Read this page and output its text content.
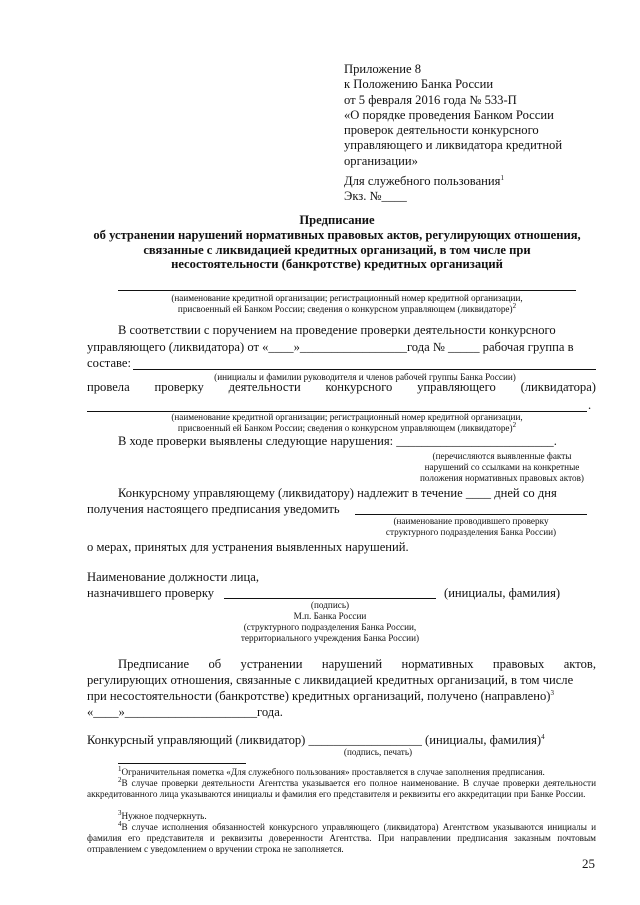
Приложение 8
к Положению Банка России
от 5 февраля 2016 года № 533-П
«О порядке проведения Банком России
проверок деятельности конкурсного
управляющего и ликвидатора кредитной
организации»
Для служебного пользования$^1$
Экз. №____
Предписание
об устранении нарушений нормативных правовых актов, регулирующих отношения,
связанные с ликвидацией кредитных организаций, в том числе при
несостоятельности (банкротстве) кредитных организаций
(наименование кредитной организации; регистрационный номер кредитной организации,
присвоенный ей Банком России; сведения о конкурсном управляющем (ликвидаторе)$^2$
В соответствии с поручением на проведение проверки деятельности конкурсного
управляющего (ликвидатора) от «____»_________________года № _____ рабочая группа в
составе:
(инициалы и фамилии руководителя и членов рабочей группы Банка России)
провела проверку деятельности конкурсного управляющего (ликвидатора)
.
(наименование кредитной организации; регистрационный номер кредитной организации,
присвоенный ей Банком России; сведения о конкурсном управляющем (ликвидаторе)$^2$
В ходе проверки выявлены следующие нарушения: _________________________.
(перечисляются выявленные факты
нарушений со ссылками на конкретные
положения нормативных правовых актов)
Конкурсному управляющему (ликвидатору) надлежит в течение ____ дней со дня
получения настоящего предписания уведомить
(наименование проводившего проверку
структурного подразделения Банка России)
о мерах, принятых для устранения выявленных нарушений.
Наименование должности лица,
назначившего проверку	(инициалы, фамилия)
(подпись)
М.п. Банка России
(структурного подразделения Банка России,
территориального учреждения Банка России)
Предписание об устранении нарушений нормативных правовых актов,
регулирующих отношения, связанные с ликвидацией кредитных организаций, в том числе
при несостоятельности (банкротстве) кредитных организаций, получено (направлено)$^3$
«____»_____________________года.
Конкурсный управляющий (ликвидатор) __________________ (инициалы, фамилия)$^4$
(подпись, печать)
$^1$Ограничительная пометка «Для служебного пользования» проставляется в случае заполнения предписания.
$^2$В случае проверки деятельности Агентства указывается его полное наименование. В случае проверки деятельности аккредитованного лица указываются инициалы и фамилия его представителя и реквизиты его аккредитации при Банке России.
$^3$Нужное подчеркнуть.
$^4$В случае исполнения обязанностей конкурсного управляющего (ликвидатора) Агентством указываются инициалы и фамилия его представителя и реквизиты доверенности Агентства. При направлении предписания заказным почтовым отправлением с уведомлением о вручении строка не заполняется.
25
